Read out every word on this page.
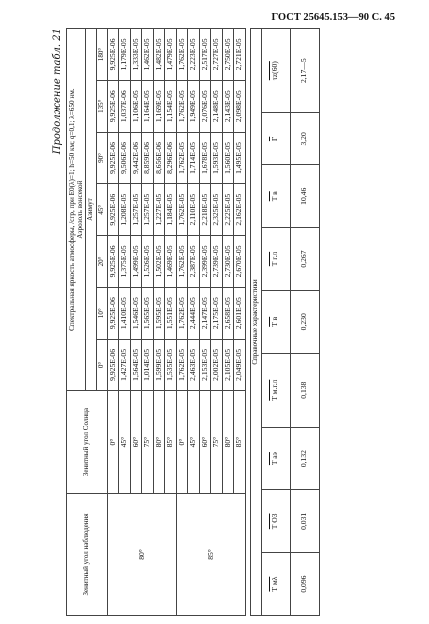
ГОСТ 25645.153—90 С. 45
Продолжение табл. 21
Зенитный угол наблюдения	Зенитный угол Солнца	Спектральная яркость атмосферы, /сгр, при E0(λ)=1; h=50 км; q=0,1; λ=650 нм.
Аэрозоль вонсекой						
		Азимут						
		0°	10°	20°	45°	90°	135°	180°
80°	0°	9,925E-06	9,925E-06	9,925E-06	9,925E-06	9,925E-06	9,925E-06	9,925E-06
	45°	1,427E-05	1,410E-05	1,375E-05	1,208E-05	9,506E-06	1,037E-06	1,179E-05
	60°	1,564E-05	1,546E-05	1,499E-05	1,257E-05	9,442E-06	1,106E-05	1,333E-05
	75°	1,014E-05	1,565E-05	1,526E-05	1,257E-05	8,859E-06	1,164E-05	1,462E-05
	80°	1,599E-05	1,595E-05	1,502E-05	1,227E-05	8,656E-06	1,169E-05	1,482E-05
	85°	1,535E-05	1,551E-05	1,469E-05	1,184E-05	8,296E-06	1,154E-05	1,479E-05
85°	0°	1,762E-05	1,762E-05	1,762E-05	1,762E-05	1,762E-05	1,762E-05	1,762E-05
	45°	2,463E-05	2,444E-05	2,387E-05	2,110E-05	1,714E-05	1,949E-05	2,223E-05
	60°	2,153E-05	2,147E-05	2,399E-05	2,218E-05	1,678E-05	2,076E-05	2,517E-05
	75°	2,002E-05	2,175E-05	2,739E-05	2,325E-05	1,593E-05	2,148E-05	2,727E-05
	80°	2,105E-05	2,658E-05	2,730E-05	2,225E-05	1,560E-05	2,143E-05	2,750E-05
	85°	2,049E-05	2,601E-05	2,670E-05	2,162E-05	1,495E-05	2,098E-05	2,721E-05
Справочные характеристики								
T мλ	T O3	T аэ	T м.г.л	T в	T г.л	T в	Г	τz(60)
0,096	0,031	0,132	0,138	0,230	0,267	10,46	3,20	2,17—5
